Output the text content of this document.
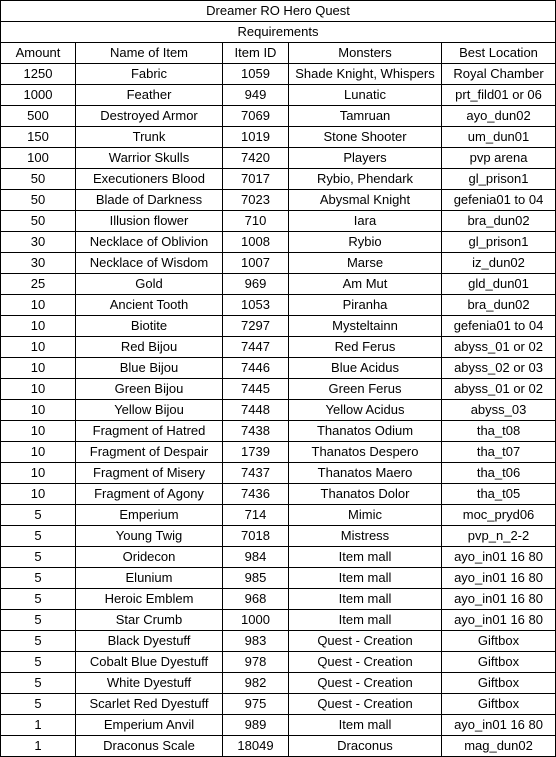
Dreamer RO Hero Quest				
Requirements				
Amount	Name of Item	Item ID	Monsters	Best Location
1250	Fabric	1059	Shade Knight, Whispers	Royal Chamber
1000	Feather	949	Lunatic	prt_fild01 or 06
500	Destroyed Armor	7069	Tamruan	ayo_dun02
150	Trunk	1019	Stone Shooter	um_dun01
100	Warrior Skulls	7420	Players	pvp arena
50	Executioners Blood	7017	Rybio, Phendark	gl_prison1
50	Blade of Darkness	7023	Abysmal Knight	gefenia01 to 04
50	Illusion flower	710	Iara	bra_dun02
30	Necklace of Oblivion	1008	Rybio	gl_prison1
30	Necklace of Wisdom	1007	Marse	iz_dun02
25	Gold	969	Am Mut	gld_dun01
10	Ancient Tooth	1053	Piranha	bra_dun02
10	Biotite	7297	Mysteltainn	gefenia01 to 04
10	Red Bijou	7447	Red Ferus	abyss_01 or 02
10	Blue Bijou	7446	Blue Acidus	abyss_02 or 03
10	Green Bijou	7445	Green Ferus	abyss_01 or 02
10	Yellow Bijou	7448	Yellow Acidus	abyss_03
10	Fragment of Hatred	7438	Thanatos Odium	tha_t08
10	Fragment of Despair	1739	Thanatos Despero	tha_t07
10	Fragment of Misery	7437	Thanatos Maero	tha_t06
10	Fragment of Agony	7436	Thanatos Dolor	tha_t05
5	Emperium	714	Mimic	moc_pryd06
5	Young Twig	7018	Mistress	pvp_n_2-2
5	Oridecon	984	Item mall	ayo_in01 16 80
5	Elunium	985	Item mall	ayo_in01 16 80
5	Heroic Emblem	968	Item mall	ayo_in01 16 80
5	Star Crumb	1000	Item mall	ayo_in01 16 80
5	Black Dyestuff	983	Quest - Creation	Giftbox
5	Cobalt Blue Dyestuff	978	Quest - Creation	Giftbox
5	White Dyestuff	982	Quest - Creation	Giftbox
5	Scarlet Red Dyestuff	975	Quest - Creation	Giftbox
1	Emperium Anvil	989	Item mall	ayo_in01 16 80
1	Draconus Scale	18049	Draconus	mag_dun02
